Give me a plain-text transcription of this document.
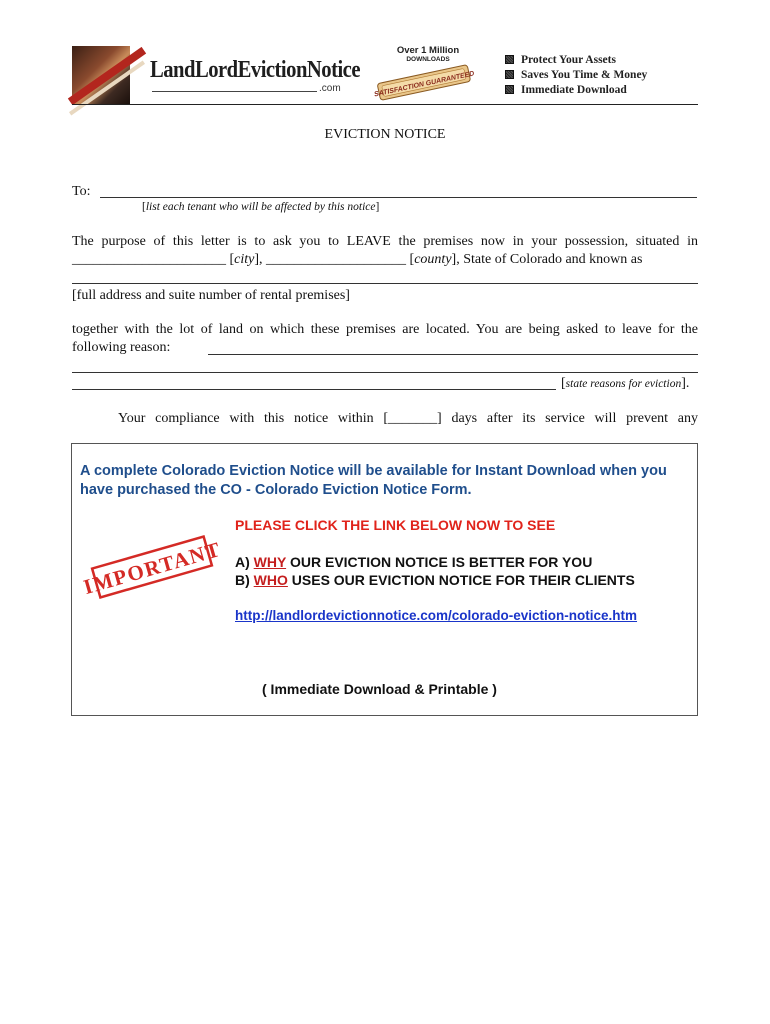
LandLordEvictionNotice
.com
Over 1 Million
DOWNLOADS
SATISFACTION GUARANTEED
Protect Your Assets
Saves You Time & Money
Immediate Download
EVICTION NOTICE
To:
[list each tenant who will be affected by this notice]
The purpose of this letter is to ask you to LEAVE the premises now in your possession, situated in
______________________ [city], ____________________ [county], State of Colorado and known as
[full address and suite number of rental premises]
together with the lot of land on which these premises are located. You are being asked to leave for the
following reason:
[state reasons for eviction].
Your compliance with this notice within [_______] days after its service will prevent any
A complete Colorado Eviction Notice will be available for Instant Download when you have purchased the CO - Colorado Eviction Notice Form.
PLEASE CLICK THE LINK BELOW NOW TO SEE
IMPORTANT A) WHY OUR EVICTION NOTICE IS BETTER FOR YOU
B) WHO USES OUR EVICTION NOTICE FOR THEIR CLIENTS
http://landlordevictionnotice.com/colorado-eviction-notice.htm
( Immediate Download & Printable )
